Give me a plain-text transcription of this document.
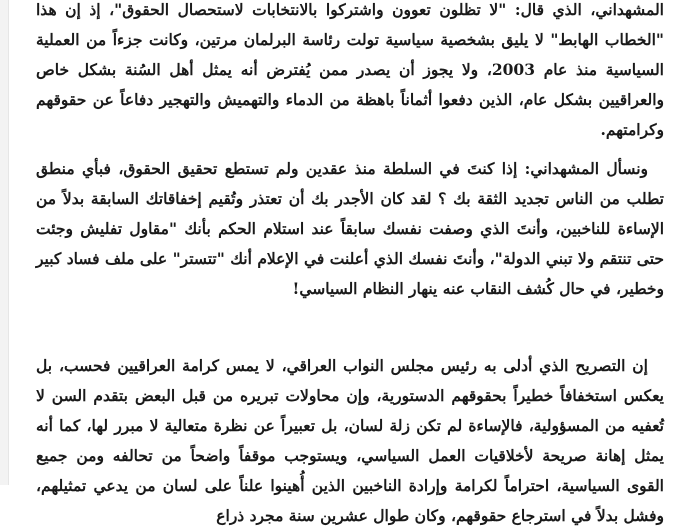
المشهداني، الذي قال: "لا تظلون تعوون واشتركوا بالانتخابات لاستحصال الحقوق"، إذ إن هذا "الخطاب الهابط" لا يليق بشخصية سياسية تولت رئاسة البرلمان مرتين، وكانت جزءاً من العملية السياسية منذ عام 2003، ولا يجوز أن يصدر ممن يُفترض أنه يمثل أهل السُنة بشكل خاص والعراقيين بشكل عام، الذين دفعوا أثماناً باهظة من الدماء والتهميش والتهجير دفاعاً عن حقوقهم وكرامتهم.

ونسأل المشهداني: إذا كنتَ في السلطة منذ عقدين ولم تستطع تحقيق الحقوق، فبأي منطق تطلب من الناس تجديد الثقة بك ؟ لقد كان الأجدر بك أن تعتذر وتُقيم إخفاقاتك السابقة بدلاً من الإساءة للناخبين، وأنتَ الذي وصفت نفسك سابقاً عند استلام الحكم بأنك "مقاول تفليش وجئت حتى تنتقم ولا تبني الدولة"، وأنتَ نفسك الذي أعلنت في الإعلام أنك "تتستر" على ملف فساد كبير وخطير، في حال كُشف النقاب عنه ينهار النظام السياسي!

إن التصريح الذي أدلى به رئيس مجلس النواب العراقي، لا يمس كرامة العراقيين فحسب، بل يعكس استخفافاً خطيراً بحقوقهم الدستورية، وإن محاولات تبريره من قبل البعض بتقدم السن لا تُعفيه من المسؤولية، فالإساءة لم تكن زلة لسان، بل تعبيراً عن نظرة متعالية لا مبرر لها، كما أنه يمثل إهانة صريحة لأخلاقيات العمل السياسي، ويستوجب موقفاً واضحاً من تحالفه ومن جميع القوى السياسية، احتراماً لكرامة وإرادة الناخبين الذين أُهينوا علناً على لسان من يدعي تمثيلهم، وفشل بدلاً في استرجاع حقوقهم، وكان طوال عشرين سنة مجرد ذراع
